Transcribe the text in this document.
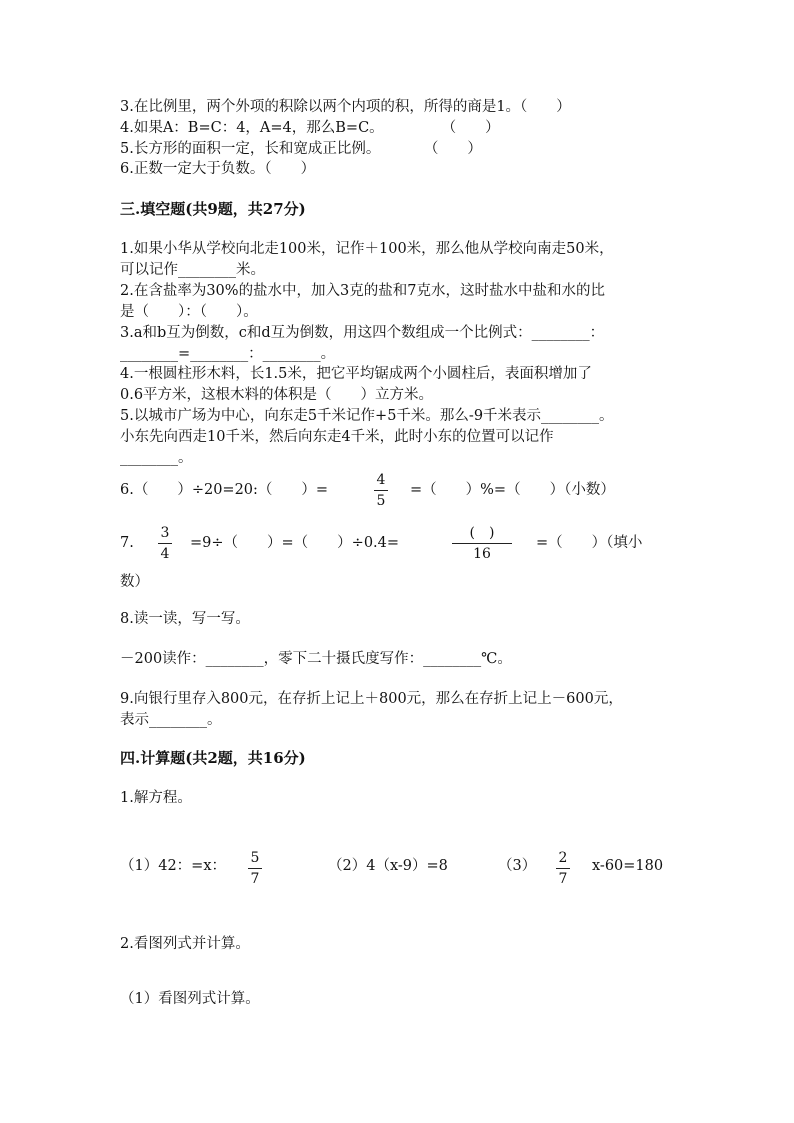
3.在比例里，两个外项的积除以两个内项的积，所得的商是1。（　　）
4.如果A：B=C：4，A=4，那么B=C。　　　　　（　　）
5.长方形的面积一定，长和宽成正比例。　　　　（　　）
6.正数一定大于负数。（　　）
三.填空题(共9题，共27分)
1.如果小华从学校向北走100米，记作＋100米，那么他从学校向南走50米，
可以记作________米。
2.在含盐率为30%的盐水中，加入3克的盐和7克水，这时盐水中盐和水的比
是（　　）：（　　）。
3.a和b互为倒数，c和d互为倒数，用这四个数组成一个比例式：________：
________=________：________。
4.一根圆柱形木料，长1.5米，把它平均锯成两个小圆柱后，表面积增加了
0.6平方米，这根木料的体积是（　　）立方米。
5.以城市广场为中心，向东走5千米记作+5千米。那么-9千米表示________。
小东先向西走10千米，然后向东走4千米，此时小东的位置可以记作
________。
6.（　　）÷20=20:（　　）=
4
5
=（　　）%=（　　）（小数）
7.
3
4
=9÷（　　）=（　　）÷0.4=
(　)
16
=（　　）（填小
数）
8.读一读，写一写。
－200读作：________，零下二十摄氏度写作：________℃。
9.向银行里存入800元，在存折上记上＋800元，那么在存折上记上－600元，
表示________。
四.计算题(共2题，共16分)
1.解方程。
（1）42：=x： 5
7
（2）4（x-9）=8	（3） 2
7
x-60=180
2.看图列式并计算。
（1）看图列式计算。
